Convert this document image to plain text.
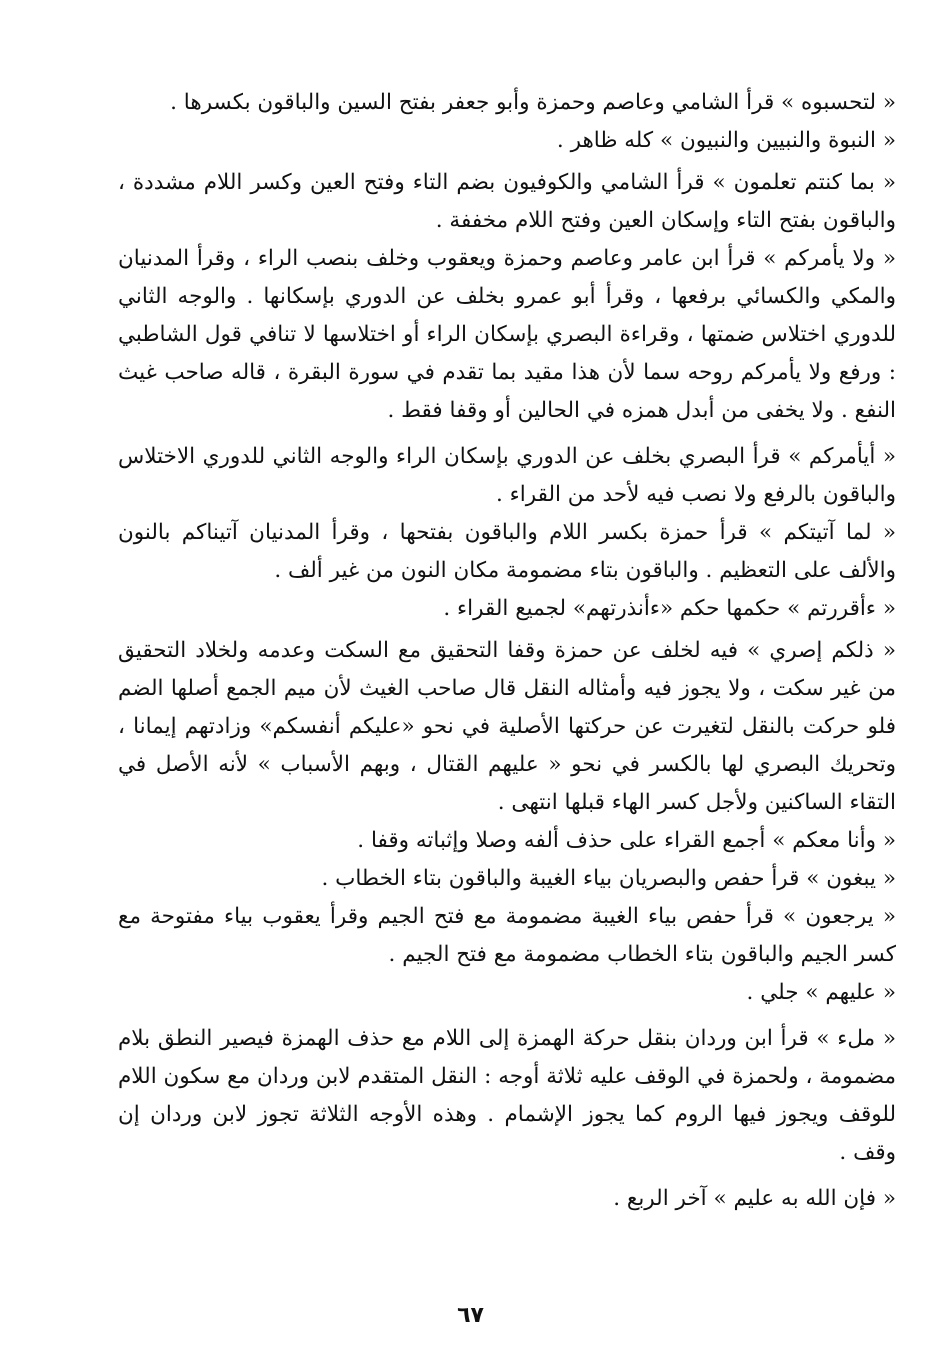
« لتحسبوه » قرأ الشامي وعاصم وحمزة وأبو جعفر بفتح السين والباقون بكسرها .

« النبوة والنبيين والنبيون » كله ظاهر .

« بما كنتم تعلمون » قرأ الشامي والكوفيون بضم التاء وفتح العين وكسر اللام مشددة ، والباقون بفتح التاء وإسكان العين وفتح اللام مخففة .

« ولا يأمركم » قرأ ابن عامر وعاصم وحمزة ويعقوب وخلف بنصب الراء ، وقرأ المدنيان والمكي والكسائي برفعها ، وقرأ أبو عمرو بخلف عن الدوري بإسكانها . والوجه الثاني للدوري اختلاس ضمتها ، وقراءة البصري بإسكان الراء أو اختلاسها لا تنافي قول الشاطبي : ورفع ولا يأمركم روحه سما لأن هذا مقيد بما تقدم في سورة البقرة ، قاله صاحب غيث النفع . ولا يخفى من أبدل همزه في الحالين أو وقفا فقط .

« أيأمركم » قرأ البصري بخلف عن الدوري بإسكان الراء والوجه الثاني للدوري الاختلاس والباقون بالرفع ولا نصب فيه لأحد من القراء .

« لما آتيتكم » قرأ حمزة بكسر اللام والباقون بفتحها ، وقرأ المدنيان آتيناكم بالنون والألف على التعظيم . والباقون بتاء مضمومة مكان النون من غير ألف .

« ءأقررتم » حكمها حكم «ءأنذرتهم» لجميع القراء .

« ذلكم إصري » فيه لخلف عن حمزة وقفا التحقيق مع السكت وعدمه ولخلاد التحقيق من غير سكت ، ولا يجوز فيه وأمثاله النقل قال صاحب الغيث لأن ميم الجمع أصلها الضم فلو حركت بالنقل لتغيرت عن حركتها الأصلية في نحو «عليكم أنفسكم» وزادتهم إيمانا ، وتحريك البصري لها بالكسر في نحو « عليهم القتال ، وبهم الأسباب » لأنه الأصل في التقاء الساكنين ولأجل كسر الهاء قبلها انتهى .

« وأنا معكم » أجمع القراء على حذف ألفه وصلا وإثباته وقفا .

« يبغون » قرأ حفص والبصريان بياء الغيبة والباقون بتاء الخطاب .

« يرجعون » قرأ حفص بياء الغيبة مضمومة مع فتح الجيم وقرأ يعقوب بياء مفتوحة مع كسر الجيم والباقون بتاء الخطاب مضمومة مع فتح الجيم .

« عليهم » جلي .

« مل‌ء » قرأ ابن وردان بنقل حركة الهمزة إلى اللام مع حذف الهمزة فيصير النطق بلام مضمومة ، ولحمزة في الوقف عليه ثلاثة أوجه : النقل المتقدم لابن وردان مع سكون اللام للوقف ويجوز فيها الروم كما يجوز الإشمام . وهذه الأوجه الثلاثة تجوز لابن وردان إن وقف .

« فإن الله به عليم » آخر الربع .

٦٧
